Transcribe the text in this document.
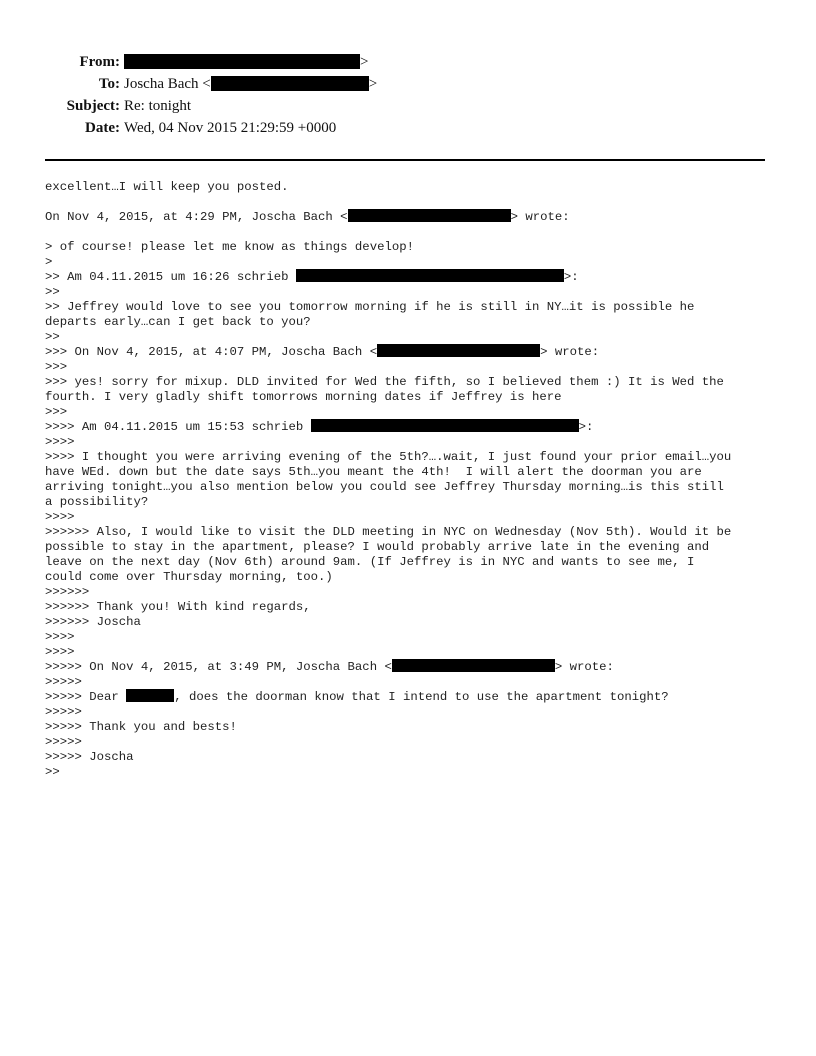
From:	>
To: Joscha Bach <	>
Subject: Re: tonight
Date: Wed, 04 Nov 2015 21:29:59 +0000
excellent…I will keep you posted.
On Nov 4, 2015, at 4:29 PM, Joscha Bach <	> wrote:
> of course! please let me know as things develop!
>
>> Am 04.11.2015 um 16:26 schrieb	>:
>>
>> Jeffrey would love to see you tomorrow morning if he is still in NY…it is possible he
departs early…can I get back to you?
>>
>>> On Nov 4, 2015, at 4:07 PM, Joscha Bach <	> wrote:
>>>
>>> yes! sorry for mixup. DLD invited for Wed the fifth, so I believed them :) It is Wed the
fourth. I very gladly shift tomorrows morning dates if Jeffrey is here
>>>
>>>> Am 04.11.2015 um 15:53 schrieb	>:
>>>>
>>>> I thought you were arriving evening of the 5th?….wait, I just found your prior email…you
have WEd. down but the date says 5th…you meant the 4th!  I will alert the doorman you are
arriving tonight…you also mention below you could see Jeffrey Thursday morning…is this still
a possibility?
>>>>
>>>>>> Also, I would like to visit the DLD meeting in NYC on Wednesday (Nov 5th). Would it be
possible to stay in the apartment, please? I would probably arrive late in the evening and
leave on the next day (Nov 6th) around 9am. (If Jeffrey is in NYC and wants to see me, I
could come over Thursday morning, too.)
>>>>>>
>>>>>> Thank you! With kind regards,
>>>>>> Joscha
>>>>
>>>>
>>>>> On Nov 4, 2015, at 3:49 PM, Joscha Bach <	> wrote:
>>>>>
>>>>> Dear	, does the doorman know that I intend to use the apartment tonight?
>>>>>
>>>>> Thank you and bests!
>>>>>
>>>>> Joscha
>>
